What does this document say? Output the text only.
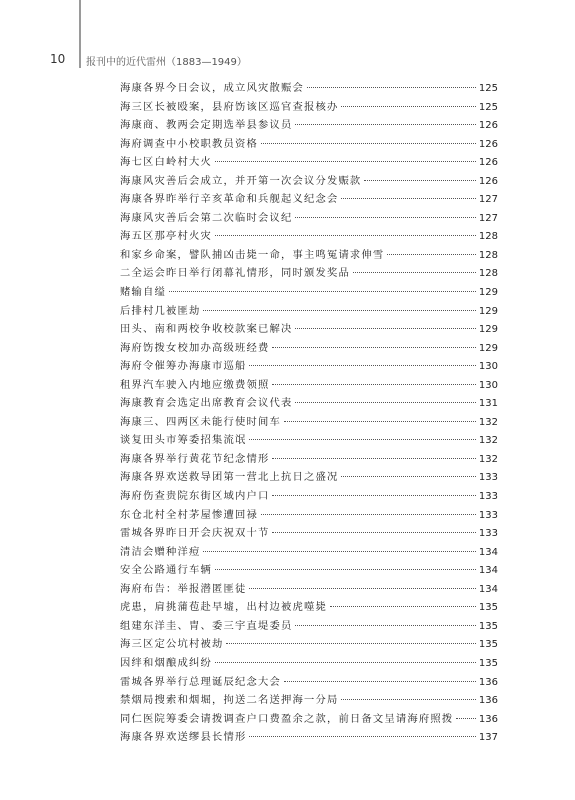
10 报刊中的近代雷州（1883—1949）
海康各界今日会议，成立风灾散赈会	125
海三区长被殴案，县府饬该区巡官查报核办	125
海康商、教两会定期选举县参议员	126
海府调查中小校职教员资格	126
海七区白岭村大火	126
海康风灾善后会成立，并开第一次会议分发赈款	126
海康各界昨举行辛亥革命和兵舰起义纪念会	127
海康风灾善后会第二次临时会议纪	127
海五区那亭村火灾	128
和家乡命案，譬队捕凶击毙一命，事主鸣冤请求伸雪	128
二全运会昨日举行闭幕礼情形，同时颁发奖品	128
赌输自缢	129
后排村几被匪劫	129
田头、南和两校争收校款案已解决	129
海府饬拨女校加办高级班经费	129
海府令催筹办海康市巡船	130
租界汽车驶入内地应缴费领照	130
海康教育会选定出席教育会议代表	131
海康三、四两区未能行使时间车	132
谈复田头市筹委招集流氓	132
海康各界举行黄花节纪念情形	132
海康各界欢送救导团第一营北上抗日之盛况	133
海府伤查贵院东街区域内户口	133
东仓北村全村茅屋惨遭回禄	133
雷城各界昨日开会庆祝双十节	133
清洁会赠种洋痘	134
安全公路通行车辆	134
海府布告：举报潜匿匪徒	134
虎患，肩挑蒲苞赴早墟，出村边被虎噬毙	135
组建东洋圭、胄、委三宇直堤委员	135
海三区定公坑村被劫	135
因绊和烟酿成纠纷	135
雷城各界举行总理诞辰纪念大会	136
禁烟局搜索和烟堀，拘送二名送押海一分局	136
同仁医院筹委会请拨调查户口费盈余之款，前日备文呈请海府照拨	136
海康各界欢送缪县长情形	137
